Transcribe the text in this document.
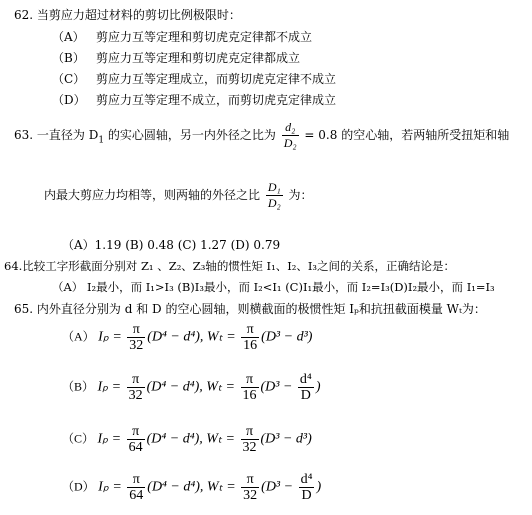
62. 当剪应力超过材料的剪切比例极限时：
（A） 剪应力互等定理和剪切虎克定律都不成立
（B） 剪应力互等定理和剪切虎克定律都成立
（C） 剪应力互等定理成立，而剪切虎克定律不成立
（D） 剪应力互等定理不成立，而剪切虎克定律成立
63. 一直径为 $D_1$ 的实心圆轴，另一内外径之比为 $\frac{\text{d₂}}{\text{D₂}} = 0.8$ 的空心轴，若两轴所受扭矩和轴
内最大剪应力均相等，则两轴的外径之比 $\frac{\text{D₁}}{\text{D₂}}$ 为：
（A）1.19 (B) 0.48 (C) 1.27 (D) 0.79
64.比较工字形截面分别对 Z₁ 、Z₂、Z₃轴的惯性矩 I₁、I₂、I₃之间的关系，正确结论是：
（A） I₂最小，而 I₁>I₃ (B)I₃最小，而 I₂<I₁ (C)I₁最小，而 I₂=I₃(D)I₂最小，而 I₁=I₃
65. 内外直径分别为 d 和 D 的空心圆轴，则横截面的极惯性矩 Iₚ和抗扭截面模量 Wₜ为：
（A） $I_p = \frac{\pi}{32} (D^4 - d^4)$, $W_t = \frac{\pi}{16} (D^3 - d^3)$
（B） $I_p = \frac{\pi}{32} (D^4 - d^4)$, $W_t = \frac{\pi}{16} (D^3 - \frac{\text{d⁴}}{D}$ )
（C） $I_p = \frac{\pi}{64} (D^4 - d^4)$, $W_t = \frac{\pi}{32} (D^3 - d^3)$
（D） $I_p = \frac{\pi}{64} (D^4 - d^4)$, $W_t = \frac{\pi}{32} (D^3 - \frac{\text{d⁴}}{D}$ )
